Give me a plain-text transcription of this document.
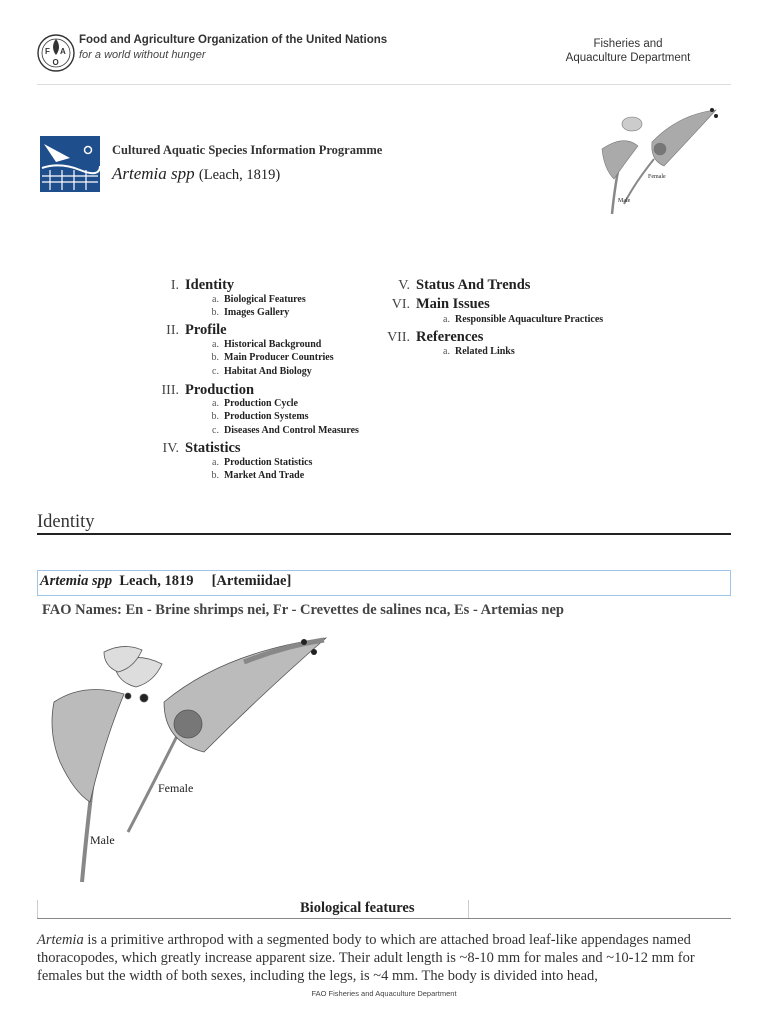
F A
O
Food and Agriculture Organization of the United Nations
for a world without hunger
Fisheries and
Aquaculture Department
Cultured Aquatic Species Information Programme
Artemia spp (Leach, 1819)	Female
Male
I. Identity
a. Biological Features
b. Images Gallery
II. Profile
a. Historical Background
b. Main Producer Countries
c. Habitat And Biology
III. Production
a. Production Cycle
b. Production Systems
c. Diseases And Control Measures
IV. Statistics
a. Production Statistics
b. Market And Trade
V. Status And Trends
VI. Main Issues
a. Responsible Aquaculture Practices
VII. References
a. Related Links
Identity
Artemia spp Leach, 1819 [Artemiidae]
FAO Names: En - Brine shrimps nei, Fr - Crevettes de salines nca, Es - Artemias nep
Female
Male
Biological features

Artemia is a primitive arthropod with a segmented body to which are attached broad leaf-like appendages named thoracopodes, which greatly increase apparent size. Their adult length is ~8-10 mm for males and ~10-12 mm for females but the width of both sexes, including the legs, is ~4 mm. The body is divided into head,

FAO Fisheries and Aquaculture Department
